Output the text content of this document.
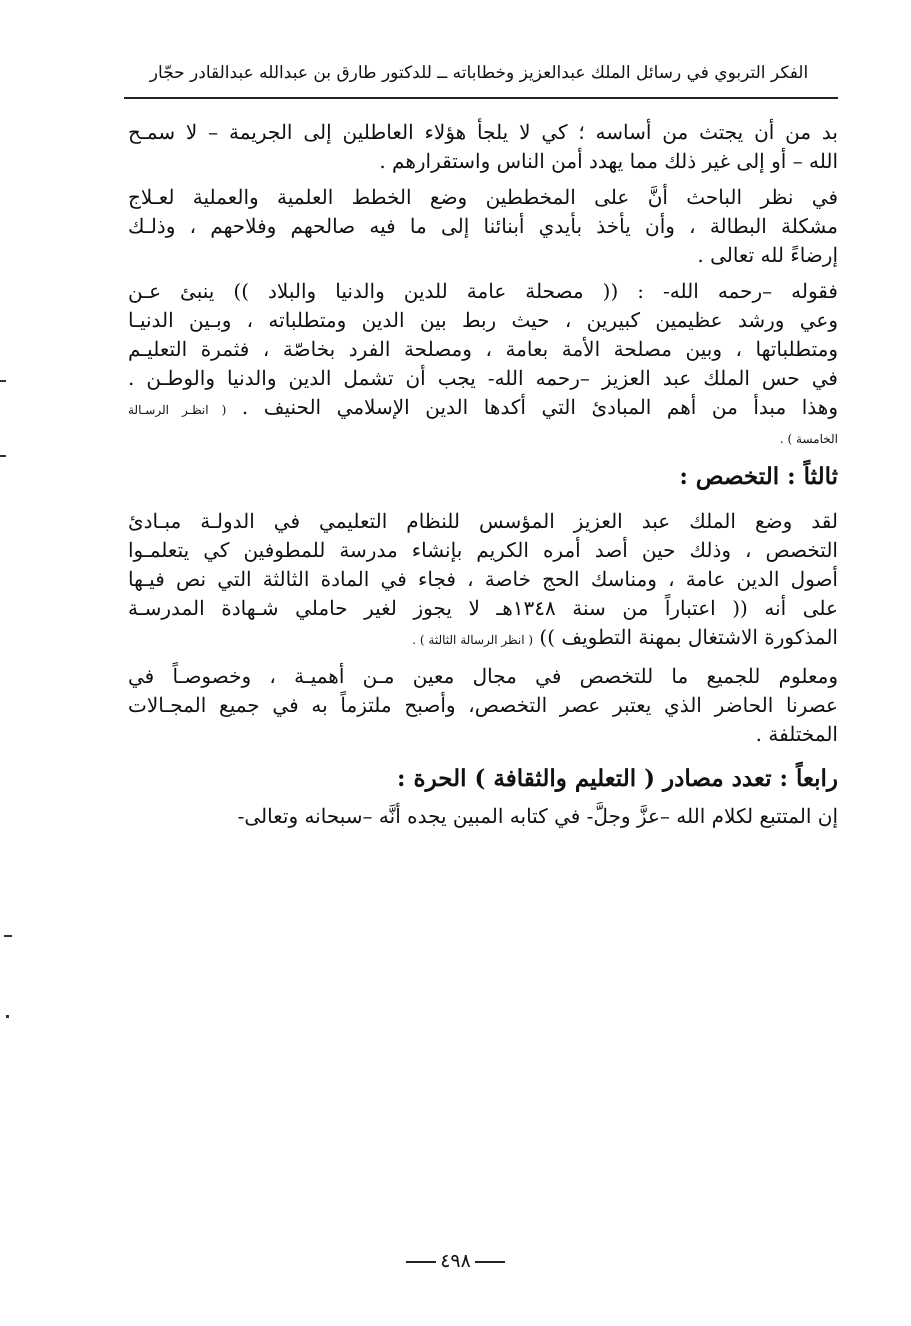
الفكر التربوي في رسائل الملك عبدالعزيز وخطاباته ــ للدكتور طارق بن عبدالله عبدالقادر حجّار

بد من أن يجتث من أساسه ؛ كي لا يلجأ هؤلاء العاطلين إلى الجريمة – لا سمـح

الله – أو إلى غير ذلك مما يهدد أمن الناس واستقرارهم .

في نظر الباحث أنَّ على المخططين وضع الخطط العلمية والعملية لعـلاج

مشكلة البطالة ، وأن يأخذ بأيدي أبنائنا إلى ما فيه صالحهم وفلاحهم ، وذلـك

إرضاءً لله تعالى .

فقوله –رحمه الله- : (( مصحلة عامة للدين والدنيا والبلاد )) ينبئ عـن

وعي ورشد عظيمين كبيرين ، حيث ربط بين الدين ومتطلباته ، وبـين الدنيـا

ومتطلباتها ، وبين مصلحة الأمة بعامة ، ومصلحة الفرد بخاصّة ، فثمرة التعليـم

في حس الملك عبد العزيز –رحمه الله- يجب أن تشمل الدين والدنيا والوطـن .

وهذا مبدأ من أهم المبادئ التي أكدها الدين الإسلامي الحنيف . ( انظـر الرسـالة

الخامسة ) .

ثالثاً : التخصص :

لقد وضع الملك عبد العزيز المؤسس للنظام التعليمي في الدولـة مبـادئ

التخصص ، وذلك حين أصد أمره الكريم بإنشاء مدرسة للمطوفين كي يتعلمـوا

أصول الدين عامة ، ومناسك الحج خاصة ، فجاء في المادة الثالثة التي نص فيـها

على أنه (( اعتباراً من سنة ١٣٤٨هـ لا يجوز لغير حاملي شـهادة المدرسـة

المذكورة الاشتغال بمهنة التطويف )) ( انظر الرسالة الثالثة ) .

ومعلوم للجميع ما للتخصص في مجال معين مـن أهميـة ، وخصوصـاً في

عصرنا الحاضر الذي يعتبر عصر التخصص، وأصبح ملتزماً به في جميع المجـالات

المختلفة .

رابعاً : تعدد مصادر ( التعليم والثقافة ) الحرة :

إن المتتبع لكلام الله –عزَّ وجلَّ- في كتابه المبين يجده أنَّه –سبحانه وتعالى-

٤٩٨
